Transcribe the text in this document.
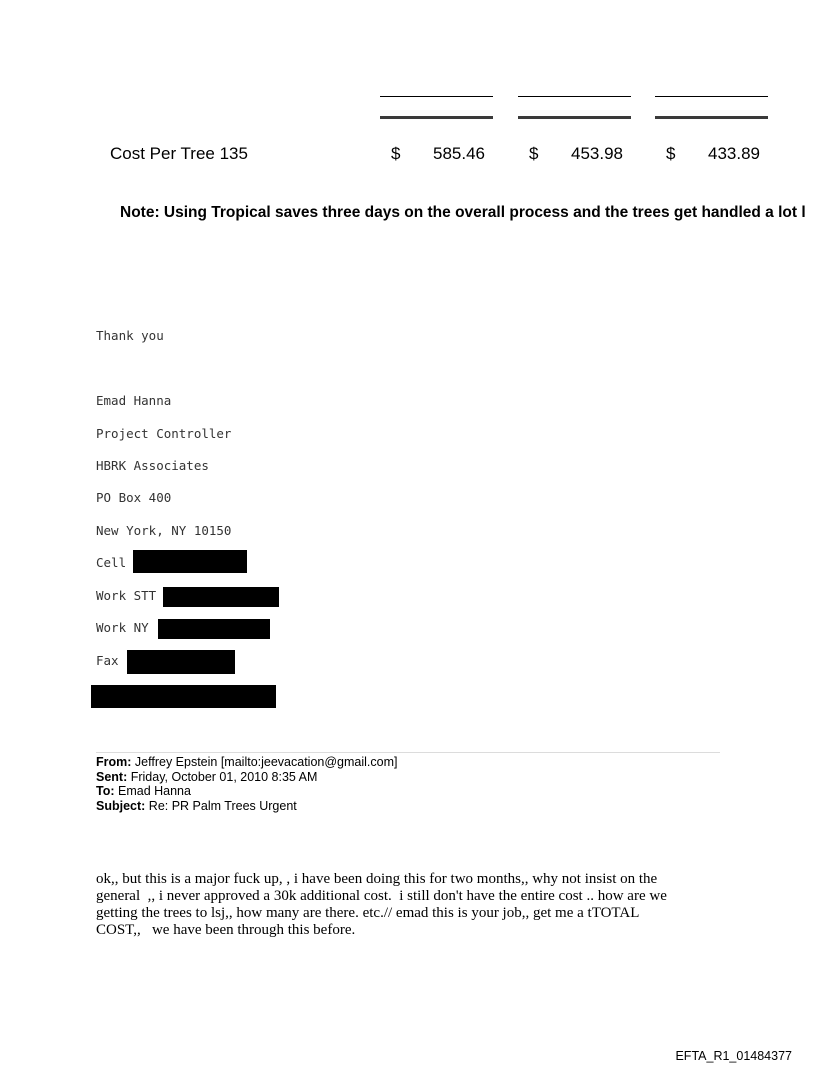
Cost Per Tree 135	$ 585.46	$ 453.98	$ 433.89
Note: Using Tropical saves three days on the overall process and the trees get handled a lot l
Thank you
Emad Hanna
Project Controller
HBRK Associates
PO Box 400
New York, NY 10150
Cell
Work STT
Work NY
Fax
From: Jeffrey Epstein [mailto:jeevacation@gmail.com]
Sent: Friday, October 01, 2010 8:35 AM
To: Emad Hanna
Subject: Re: PR Palm Trees Urgent
ok,, but this is a major fuck up, , i have been doing this for two months,, why not insist on the
general  ,, i never approved a 30k additional cost.  i still don't have the entire cost .. how are we
getting the trees to lsj,, how many are there. etc.// emad this is your job,, get me a tTOTAL
COST,,   we have been through this before.
EFTA_R1_01484377
